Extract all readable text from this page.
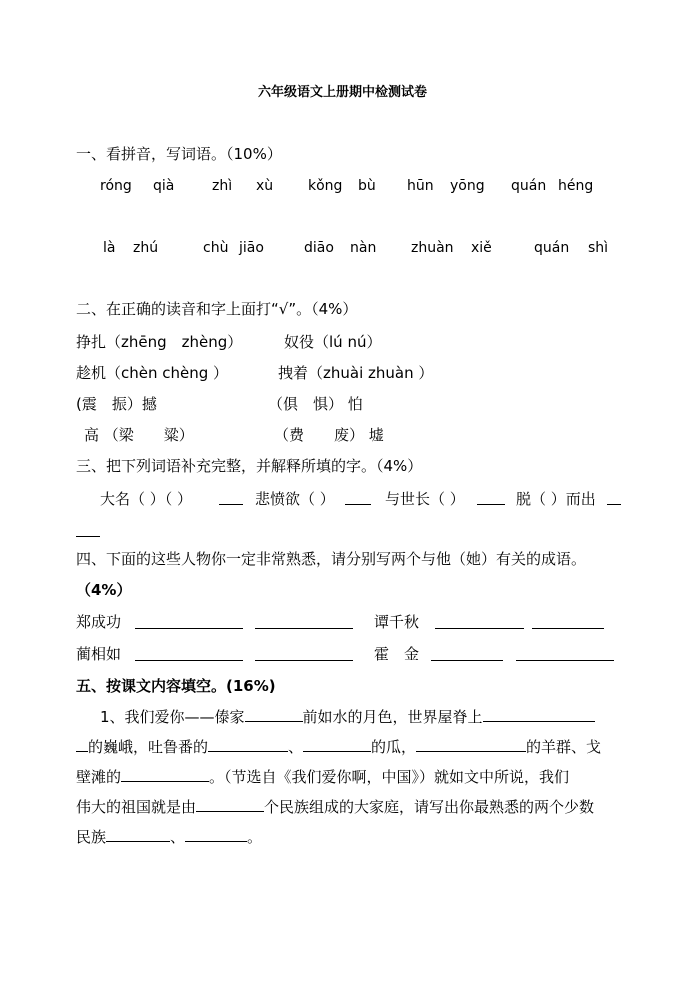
六年级语文上册期中检测试卷
一、看拼音，写词语。（10%）
róng qià	zhì xù kǒng bù hūn yōng quán héng
là zhú	chù jiāo	diāo nàn zhuàn xiě	quán shì
二、在正确的读音和字上面打“√”。（4%）
挣扎（zhēng　zhèng）	奴役（lú nú）
趁机（chèn chèng ）	拽着（zhuài zhuàn ）
(震　振）撼	（俱　惧） 怕
高 （梁　　粱）	（费　　废） 墟
三、把下列词语补充完整，并解释所填的字。（4%）
大名（ ）（ ）	悲愤欲（ ）	与世长（ ）	脱（ ）而出
四、下面的这些人物你一定非常熟悉，请分别写两个与他（她）有关的成语。
（4%）
郑成功	谭千秋
蔺相如	霍　金
五、按课文内容填空。(16%)
1、我们爱你——傣家	前如水的月色，世界屋脊上
的巍峨，吐鲁番的	、	的瓜，	的羊群、戈
壁滩的	。（节选自《我们爱你啊，中国》）就如文中所说，我们
伟大的祖国就是由	个民族组成的大家庭，请写出你最熟悉的两个少数
民族	、	。
